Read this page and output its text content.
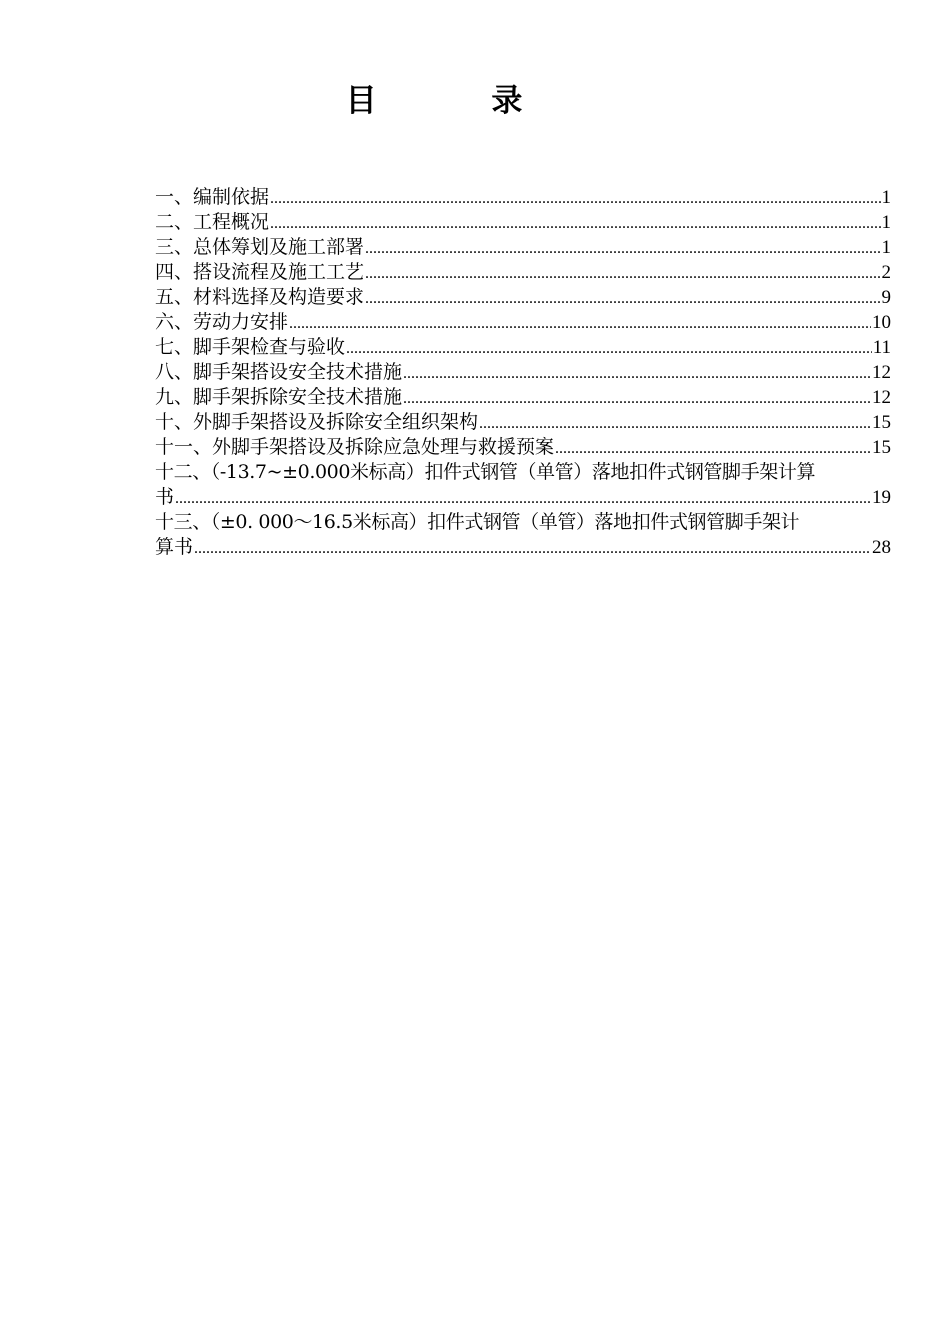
目 录
一、编制依据 .....	1
二、工程概况 .....	1
三、总体筹划及施工部署 .....	1
四、搭设流程及施工工艺 .....	2
五、材料选择及构造要求 .....	9
六、劳动力安排 .....	10
七、脚手架检查与验收 .....	11
八、脚手架搭设安全技术措施 .....	12
九、脚手架拆除安全技术措施 .....	12
十、外脚手架搭设及拆除安全组织架构 .....	15
十一、外脚手架搭设及拆除应急处理与救援预案 .....	15
十二、（-13.7~±0.000米标高）扣件式钢管（单管）落地扣件式钢管脚手架计算
书 .....	19
十三、（±0. 000～16.5米标高）扣件式钢管（单管）落地扣件式钢管脚手架计
算书 .....	28
